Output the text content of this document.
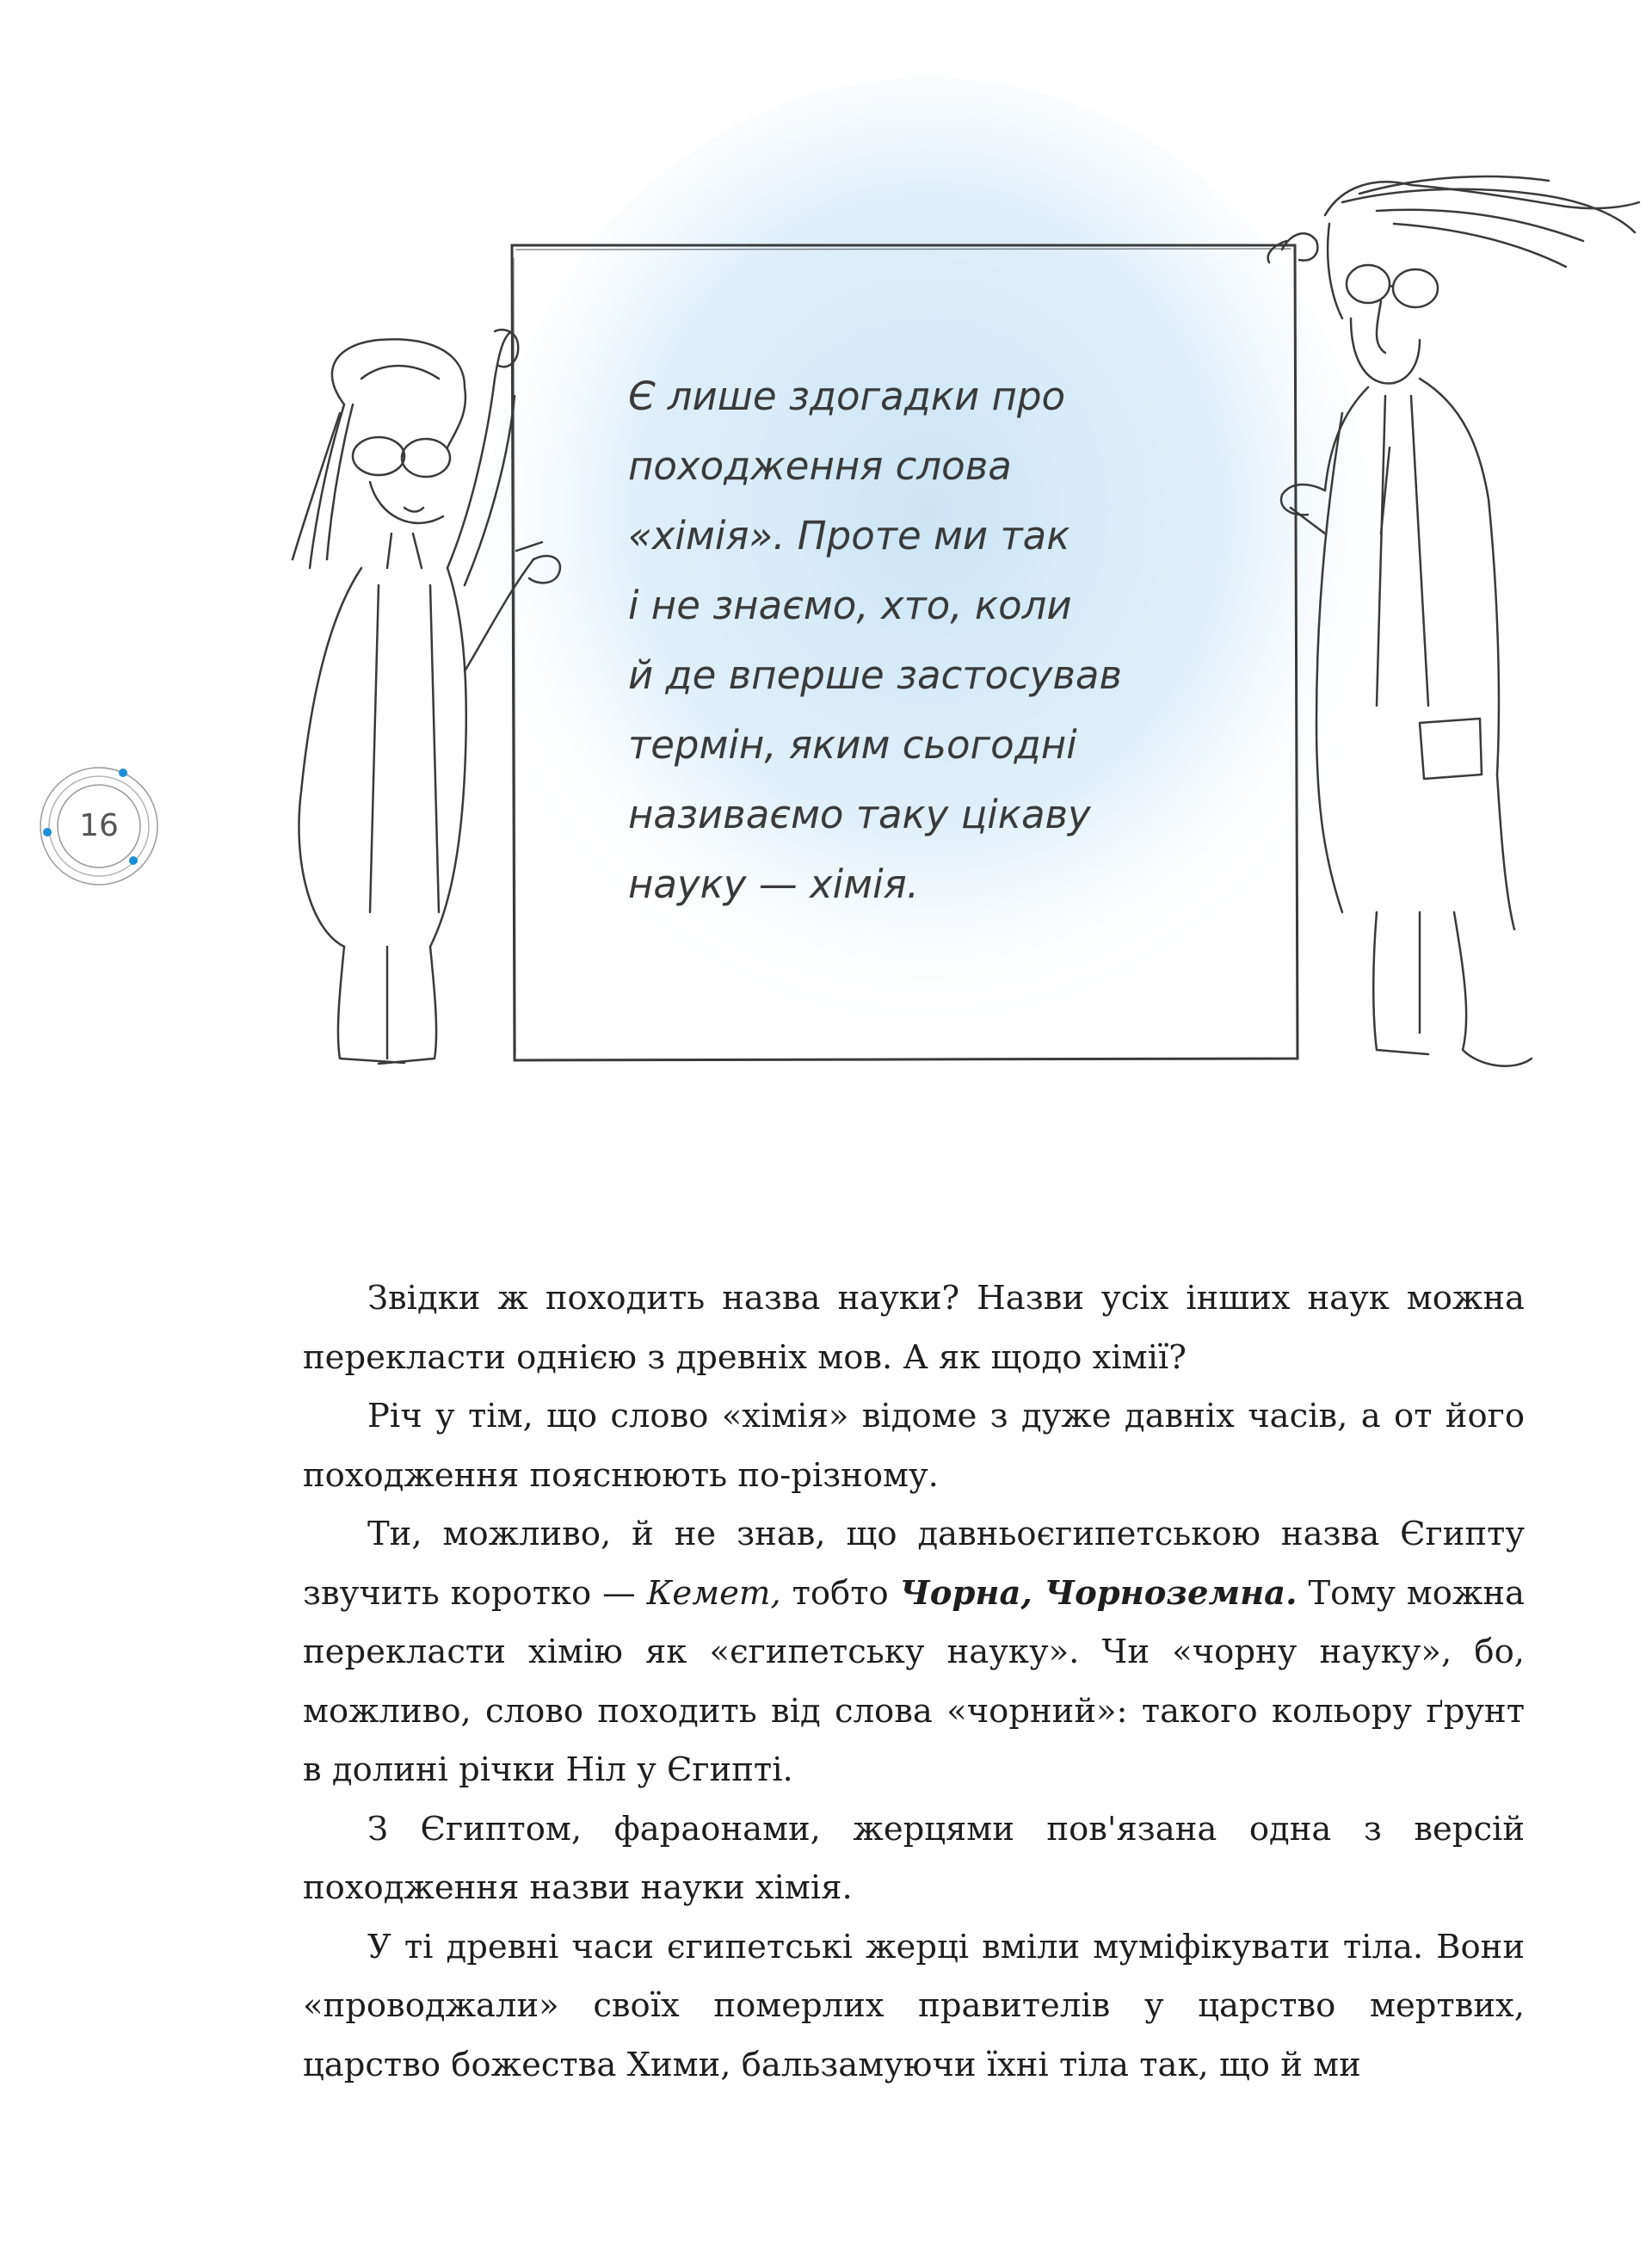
Є лише здогадки про
походження слова
«хімія». Проте ми так
і не знаємо, хто, коли
й де вперше застосував
термін, яким сьогодні
називаємо таку цікаву
науку — хімія.
16

Звідки ж походить назва науки? Назви усіх інших наук можна перекласти однією з древніх мов. А як щодо хімії?

Річ у тім, що слово «хімія» відоме з дуже давніх часів, а от його походження пояснюють по-різному.

Ти, можливо, й не знав, що давньоєгипетською назва Єгипту звучить коротко — Кемет, тобто Чорна, Чорноземна. Тому можна перекласти хімію як «єгипетську науку». Чи «чорну науку», бо, можливо, слово походить від слова «чорний»: такого кольору ґрунт в долині річки Ніл у Єгипті.

З Єгиптом, фараонами, жерцями пов'язана одна з версій походження назви науки хімія.

У ті древні часи єгипетські жерці вміли муміфікувати тіла. Вони «проводжали» своїх померлих правителів у царство мертвих, царство божества Хими, бальзамуючи їхні тіла так, що й ми
